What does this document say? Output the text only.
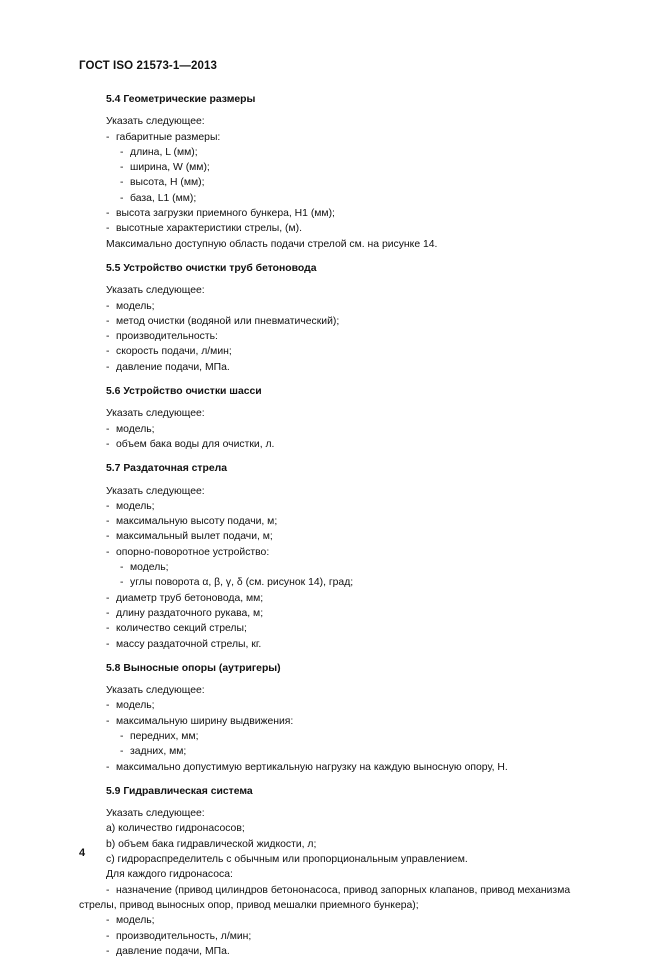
ГОСТ ISO 21573-1—2013
5.4 Геометрические размеры
Указать следующее:
- габаритные размеры:
- длина, L (мм);
- ширина, W (мм);
- высота, H (мм);
- база, L1 (мм);
- высота загрузки приемного бункера, H1 (мм);
- высотные характеристики стрелы, (м).
Максимально доступную область подачи стрелой см. на рисунке 14.
5.5 Устройство очистки труб бетоновода
Указать следующее:
- модель;
- метод очистки (водяной или пневматический);
- производительность:
- скорость подачи, л/мин;
- давление подачи, МПа.
5.6 Устройство очистки шасси
Указать следующее:
- модель;
- объем бака воды для очистки, л.
5.7 Раздаточная стрела
Указать следующее:
- модель;
- максимальную высоту подачи, м;
- максимальный вылет подачи, м;
- опорно-поворотное устройство:
- модель;
- углы поворота α, β, γ, δ (см. рисунок 14), град;
- диаметр труб бетоновода, мм;
- длину раздаточного рукава, м;
- количество секций стрелы;
- массу раздаточной стрелы, кг.
5.8 Выносные опоры (аутригеры)
Указать следующее:
- модель;
- максимальную ширину выдвижения:
- передних, мм;
- задних, мм;
- максимально допустимую вертикальную нагрузку на каждую выносную опору, Н.
5.9 Гидравлическая система
Указать следующее:
a) количество гидронасосов;
b) объем бака гидравлической жидкости, л;
c) гидрораспределитель с обычным или пропорциональным управлением.
Для каждого гидронасоса:
- назначение (привод цилиндров бетононасоса, привод запорных клапанов, привод механизма
стрелы, привод выносных опор, привод мешалки приемного бункера);
- модель;
- производительность, л/мин;
- давление подачи, МПа.
4
